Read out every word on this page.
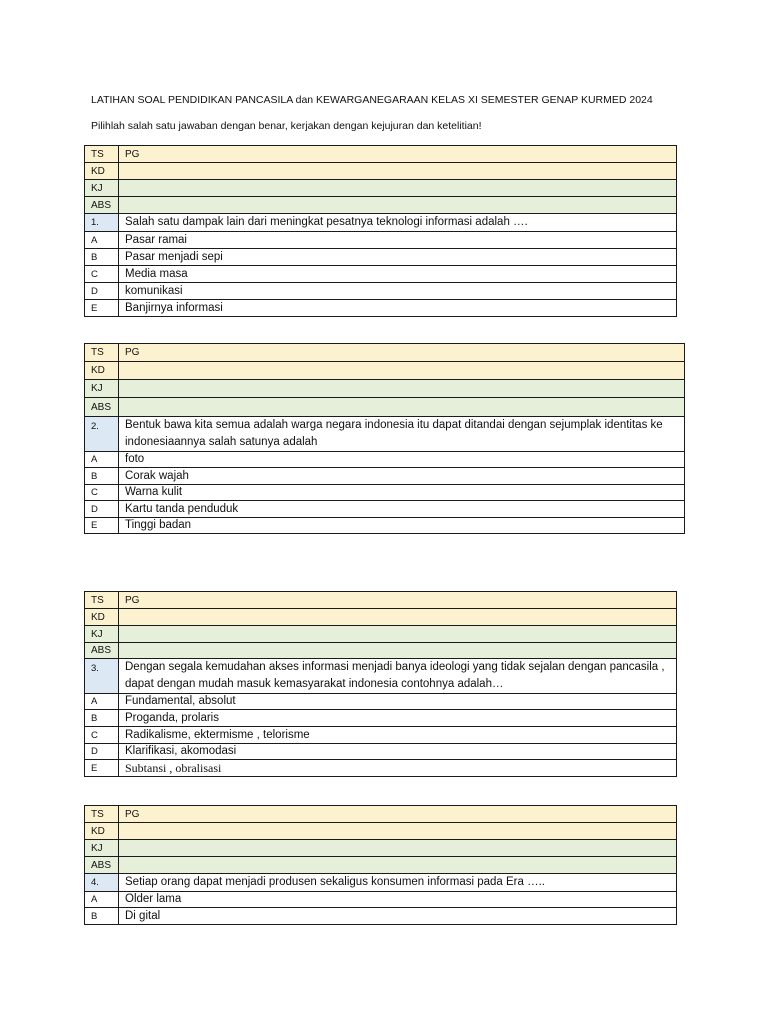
LATIHAN SOAL PENDIDIKAN PANCASILA dan KEWARGANEGARAAN KELAS XI SEMESTER GENAP KURMED 2024
Pilihlah salah satu jawaban dengan benar, kerjakan dengan kejujuran dan ketelitian!
TS	PG
KD	
KJ	
ABS	
1.	Salah satu dampak lain dari meningkat pesatnya teknologi informasi adalah ….
A	Pasar ramai
B	Pasar menjadi sepi
C	Media masa
D	komunikasi
E	Banjirnya informasi
TS	PG
KD	
KJ	
ABS	
2.	Bentuk bawa kita semua adalah warga negara indonesia itu dapat ditandai dengan sejumplak identitas ke indonesiaannya salah satunya adalah
A	foto
B	Corak wajah
C	Warna kulit
D	Kartu tanda penduduk
E	Tinggi badan
TS	PG
KD	
KJ	
ABS	
3.	Dengan segala kemudahan akses informasi menjadi banya ideologi yang tidak sejalan dengan pancasila , dapat dengan mudah masuk kemasyarakat indonesia contohnya adalah…
A	Fundamental, absolut
B	Proganda, prolaris
C	Radikalisme, ektermisme , telorisme
D	Klarifikasi, akomodasi
E	Subtansi , obralisasi
TS	PG
KD	
KJ	
ABS	
4.	Setiap orang dapat menjadi produsen sekaligus konsumen informasi pada Era …..
A	Older lama
B	Di gital
